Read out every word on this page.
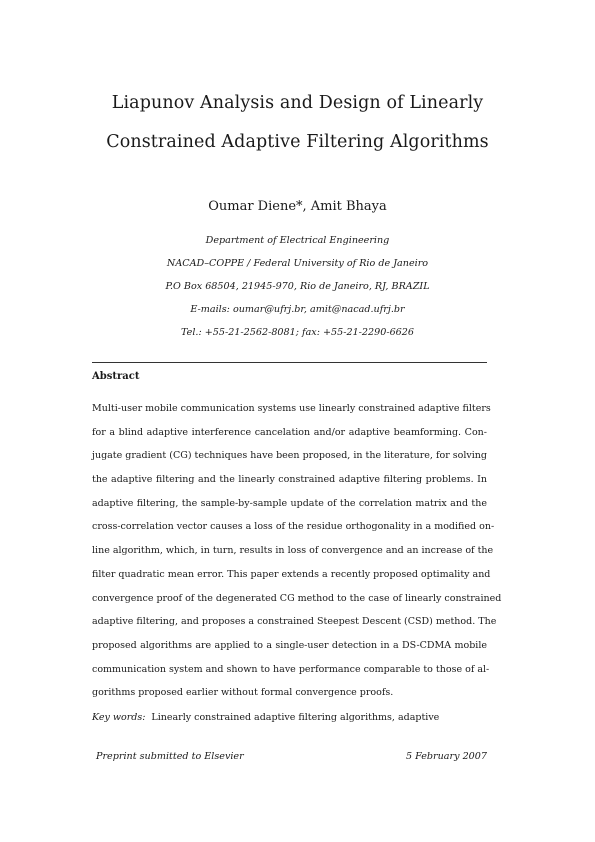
Liapunov Analysis and Design of Linearly
Constrained Adaptive Filtering Algorithms
Oumar Diene*, Amit Bhaya
Department of Electrical Engineering
NACAD–COPPE / Federal University of Rio de Janeiro
P.O Box 68504, 21945-970, Rio de Janeiro, RJ, BRAZIL
E-mails: oumar@ufrj.br, amit@nacad.ufrj.br
Tel.: +55-21-2562-8081; fax: +55-21-2290-6626
Abstract
Multi-user mobile communication systems use linearly constrained adaptive filters
for a blind adaptive interference cancelation and/or adaptive beamforming. Con-
jugate gradient (CG) techniques have been proposed, in the literature, for solving
the adaptive filtering and the linearly constrained adaptive filtering problems. In
adaptive filtering, the sample-by-sample update of the correlation matrix and the
cross-correlation vector causes a loss of the residue orthogonality in a modified on-
line algorithm, which, in turn, results in loss of convergence and an increase of the
filter quadratic mean error. This paper extends a recently proposed optimality and
convergence proof of the degenerated CG method to the case of linearly constrained
adaptive filtering, and proposes a constrained Steepest Descent (CSD) method. The
proposed algorithms are applied to a single-user detection in a DS-CDMA mobile
communication system and shown to have performance comparable to those of al-
gorithms proposed earlier without formal convergence proofs.
Key words: Linearly constrained adaptive filtering algorithms, adaptive
Preprint submitted to Elsevier	5 February 2007
